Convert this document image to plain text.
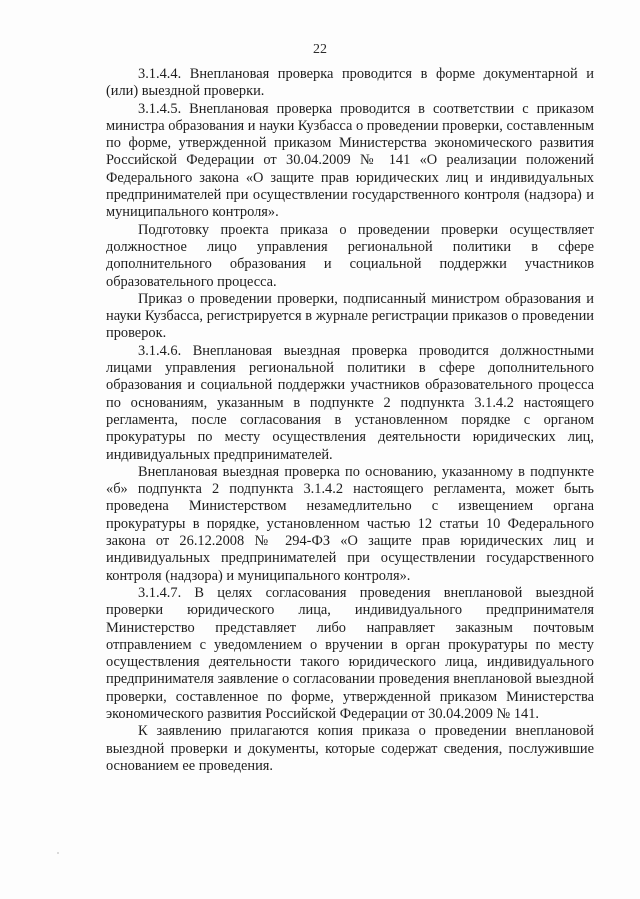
22

3.1.4.4. Внеплановая проверка проводится в форме документарной и (или) выездной проверки.

3.1.4.5. Внеплановая проверка проводится в соответствии с приказом министра образования и науки Кузбасса о проведении проверки, составленным по форме, утвержденной приказом Министерства экономического развития Российской Федерации от 30.04.2009 № 141 «О реализации положений Федерального закона «О защите прав юридических лиц и индивидуальных предпринимателей при осуществлении государственного контроля (надзора) и муниципального контроля».

Подготовку проекта приказа о проведении проверки осуществляет должностное лицо управления региональной политики в сфере дополнительного образования и социальной поддержки участников образовательного процесса.

Приказ о проведении проверки, подписанный министром образования и науки Кузбасса, регистрируется в журнале регистрации приказов о проведении проверок.

3.1.4.6. Внеплановая выездная проверка проводится должностными лицами управления региональной политики в сфере дополнительного образования и социальной поддержки участников образовательного процесса по основаниям, указанным в подпункте 2 подпункта 3.1.4.2 настоящего регламента, после согласования в установленном порядке с органом прокуратуры по месту осуществления деятельности юридических лиц, индивидуальных предпринимателей.

Внеплановая выездная проверка по основанию, указанному в подпункте «б» подпункта 2 подпункта 3.1.4.2 настоящего регламента, может быть проведена Министерством незамедлительно с извещением органа прокуратуры в порядке, установленном частью 12 статьи 10 Федерального закона от 26.12.2008 № 294-ФЗ «О защите прав юридических лиц и индивидуальных предпринимателей при осуществлении государственного контроля (надзора) и муниципального контроля».

3.1.4.7. В целях согласования проведения внеплановой выездной проверки юридического лица, индивидуального предпринимателя Министерство представляет либо направляет заказным почтовым отправлением с уведомлением о вручении в орган прокуратуры по месту осуществления деятельности такого юридического лица, индивидуального предпринимателя заявление о согласовании проведения внеплановой выездной проверки, составленное по форме, утвержденной приказом Министерства экономического развития Российской Федерации от 30.04.2009 № 141.

К заявлению прилагаются копия приказа о проведении внеплановой выездной проверки и документы, которые содержат сведения, послужившие основанием ее проведения.
